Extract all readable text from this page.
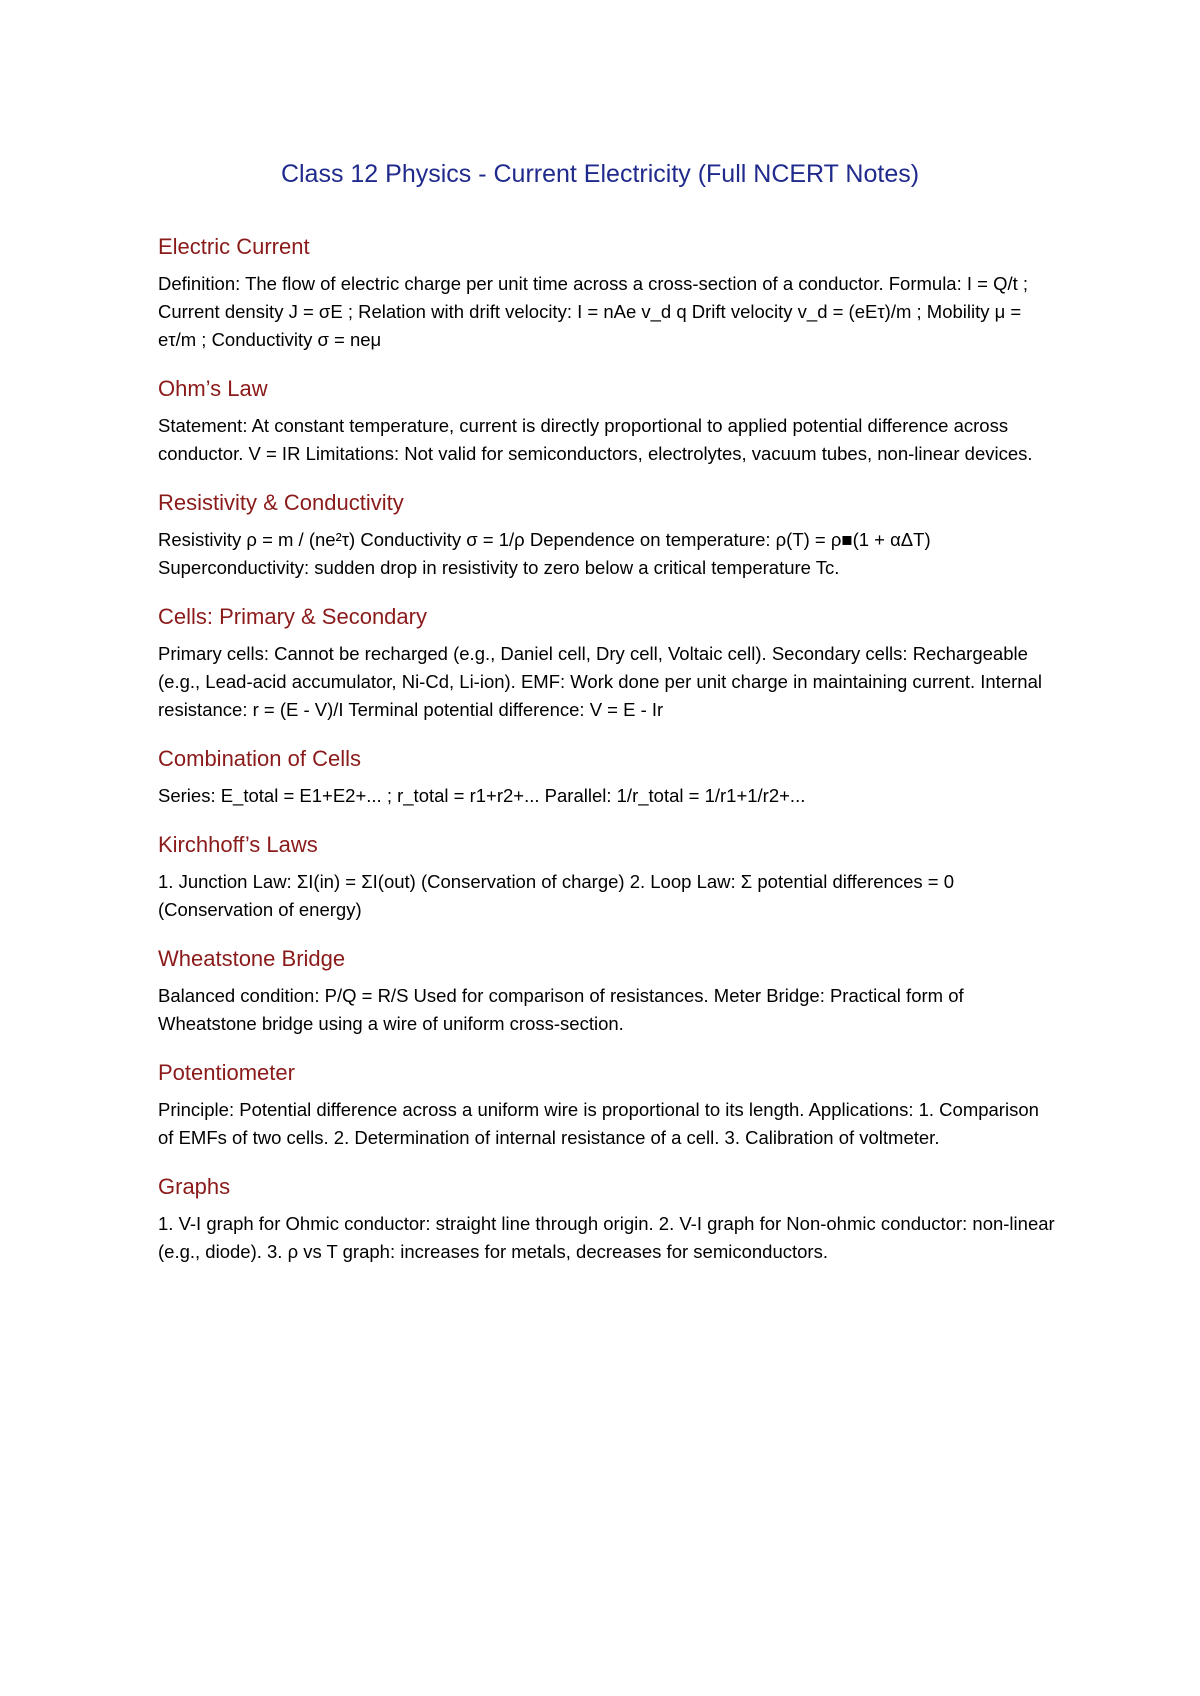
Class 12 Physics - Current Electricity (Full NCERT Notes)
Electric Current

Definition: The flow of electric charge per unit time across a cross-section of a conductor. Formula: I = Q/t ; Current density J = σE ; Relation with drift velocity: I = nAe v_d q Drift velocity v_d = (eEτ)/m ; Mobility μ = eτ/m ; Conductivity σ = neμ

Ohm’s Law

Statement: At constant temperature, current is directly proportional to applied potential difference across conductor. V = IR Limitations: Not valid for semiconductors, electrolytes, vacuum tubes, non-linear devices.

Resistivity & Conductivity

Resistivity ρ = m / (ne²τ) Conductivity σ = 1/ρ Dependence on temperature: ρ(T) = ρ■(1 + αΔT) Superconductivity: sudden drop in resistivity to zero below a critical temperature Tc.

Cells: Primary & Secondary

Primary cells: Cannot be recharged (e.g., Daniel cell, Dry cell, Voltaic cell). Secondary cells: Rechargeable (e.g., Lead-acid accumulator, Ni-Cd, Li-ion). EMF: Work done per unit charge in maintaining current. Internal resistance: r = (E - V)/I Terminal potential difference: V = E - Ir

Combination of Cells

Series: E_total = E1+E2+... ; r_total = r1+r2+... Parallel: 1/r_total = 1/r1+1/r2+...

Kirchhoff’s Laws

1. Junction Law: ΣI(in) = ΣI(out) (Conservation of charge) 2. Loop Law: Σ potential differences = 0 (Conservation of energy)

Wheatstone Bridge

Balanced condition: P/Q = R/S Used for comparison of resistances. Meter Bridge: Practical form of Wheatstone bridge using a wire of uniform cross-section.

Potentiometer

Principle: Potential difference across a uniform wire is proportional to its length. Applications: 1. Comparison of EMFs of two cells. 2. Determination of internal resistance of a cell. 3. Calibration of voltmeter.

Graphs

1. V-I graph for Ohmic conductor: straight line through origin. 2. V-I graph for Non-ohmic conductor: non-linear (e.g., diode). 3. ρ vs T graph: increases for metals, decreases for semiconductors.
